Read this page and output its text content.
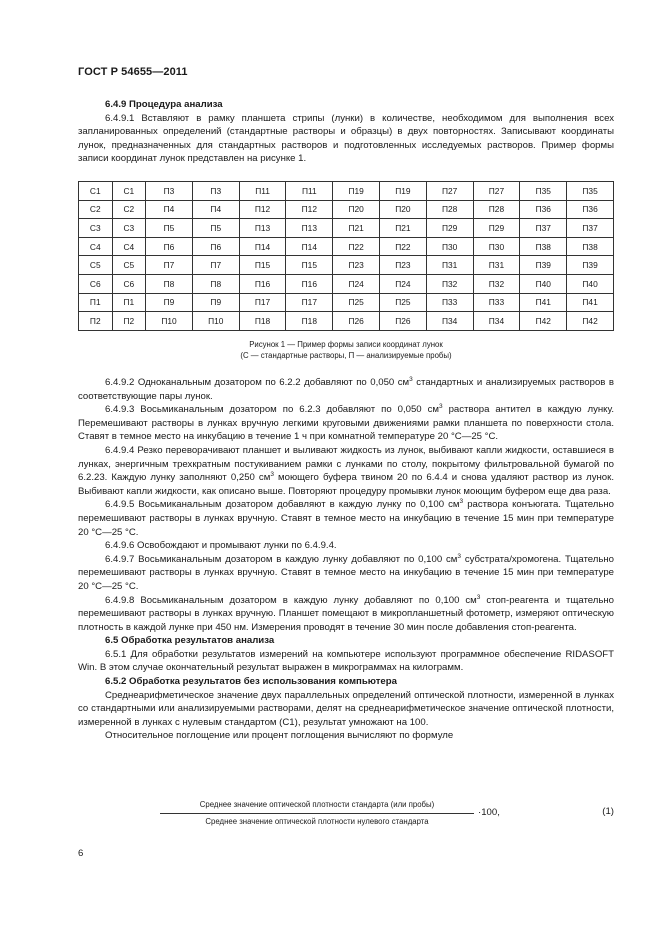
ГОСТ Р 54655—2011

6.4.9 Процедура анализа

6.4.9.1 Вставляют в рамку планшета стрипы (лунки) в количестве, необходимом для выполнения всех запланированных определений (стандартные растворы и образцы) в двух повторностях. Записывают координаты лунок, предназначенных для стандартных растворов и подготовленных исследуемых растворов. Пример формы записи координат лунок представлен на рисунке 1.

С1	С1	П3	П3	П11	П11	П19	П19	П27	П27	П35	П35
С2	С2	П4	П4	П12	П12	П20	П20	П28	П28	П36	П36
С3	С3	П5	П5	П13	П13	П21	П21	П29	П29	П37	П37
С4	С4	П6	П6	П14	П14	П22	П22	П30	П30	П38	П38
С5	С5	П7	П7	П15	П15	П23	П23	П31	П31	П39	П39
С6	С6	П8	П8	П16	П16	П24	П24	П32	П32	П40	П40
П1	П1	П9	П9	П17	П17	П25	П25	П33	П33	П41	П41
П2	П2	П10	П10	П18	П18	П26	П26	П34	П34	П42	П42
Рисунок 1 — Пример формы записи координат лунок
(С — стандартные растворы, П — анализируемые пробы)

6.4.9.2 Одноканальным дозатором по 6.2.2 добавляют по 0,050 $см^3$ стандартных и анализируемых растворов в соответствующие пары лунок.

6.4.9.3 Восьмиканальным дозатором по 6.2.3 добавляют по 0,050 $см^3$ раствора антител в каждую лунку. Перемешивают растворы в лунках вручную легкими круговыми движениями рамки планшета по поверхности стола. Ставят в темное место на инкубацию в течение 1 ч при комнатной температуре 20 °С—25 °С.

6.4.9.4 Резко переворачивают планшет и выливают жидкость из лунок, выбивают капли жидкости, оставшиеся в лунках, энергичным трехкратным постукиванием рамки с лунками по столу, покрытому фильтровальной бумагой по 6.2.23. Каждую лунку заполняют 0,250 $см^3$ моющего буфера твином 20 по 6.4.4 и снова удаляют раствор из лунок. Выбивают капли жидкости, как описано выше. Повторяют процедуру промывки лунок моющим буфером еще два раза.

6.4.9.5 Восьмиканальным дозатором добавляют в каждую лунку по 0,100 $см^3$ раствора конъюгата. Тщательно перемешивают растворы в лунках вручную. Ставят в темное место на инкубацию в течение 15 мин при температуре 20 °С—25 °С.

6.4.9.6 Освобождают и промывают лунки по 6.4.9.4.

6.4.9.7 Восьмиканальным дозатором в каждую лунку добавляют по 0,100 $см^3$ субстрата/хромогена. Тщательно перемешивают растворы в лунках вручную. Ставят в темное место на инкубацию в течение 15 мин при температуре 20 °С—25 °С.

6.4.9.8 Восьмиканальным дозатором в каждую лунку добавляют по 0,100 $см^3$ стоп-реагента и тщательно перемешивают растворы в лунках вручную. Планшет помещают в микропланшетный фотометр, измеряют оптическую плотность в каждой лунке при 450 нм. Измерения проводят в течение 30 мин после добавления стоп-реагента.

6.5 Обработка результатов анализа

6.5.1 Для обработки результатов измерений на компьютере используют программное обеспечение RIDASOFT Win. В этом случае окончательный результат выражен в микрограммах на килограмм.

6.5.2 Обработка результатов без использования компьютера

Среднеарифметическое значение двух параллельных определений оптической плотности, измеренной в лунках со стандартными или анализируемыми растворами, делят на среднеарифметическое значение оптической плотности, измеренной в лунках с нулевым стандартом (С1), результат умножают на 100.

Относительное поглощение или процент поглощения вычисляют по формуле

Среднее значение оптической плотности стандарта (или пробы)
Среднее значение оптической плотности нулевого стандарта
·100,	(1)
6
